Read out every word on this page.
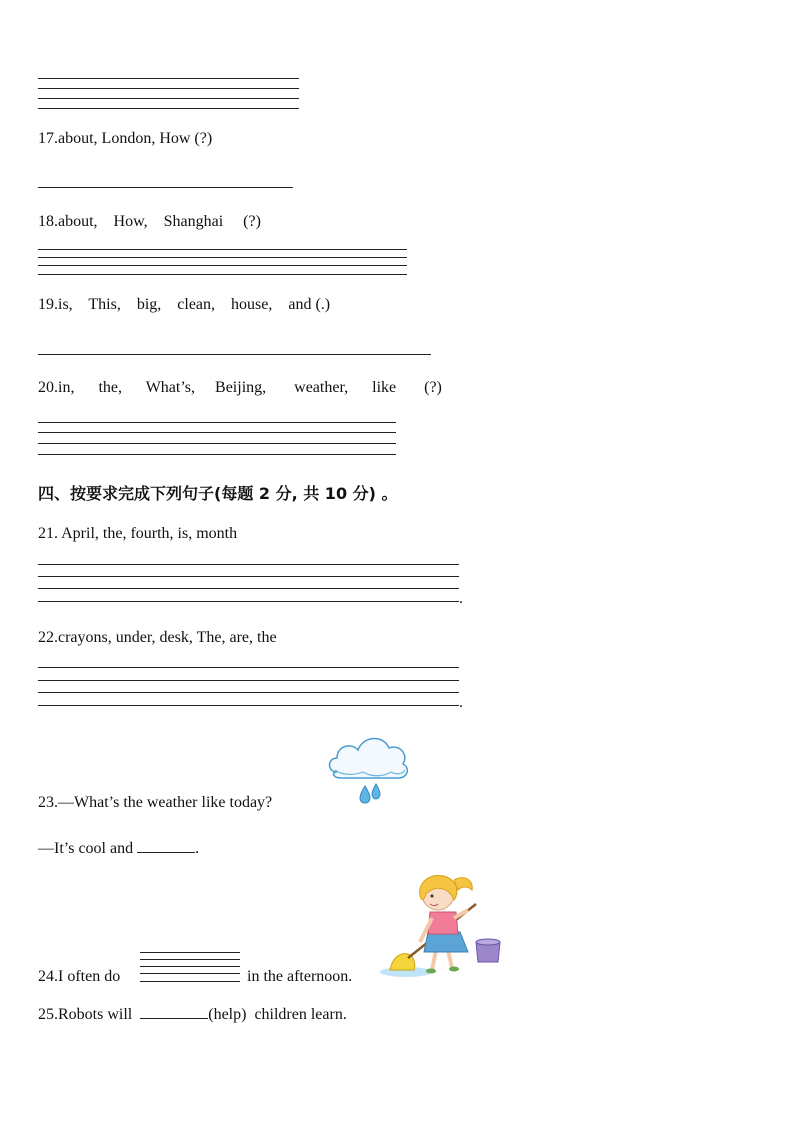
17.about, London, How (?)
18.about,    How,    Shanghai     (?)
19.is,    This,    big,    clean,    house,    and (.)
20.in,      the,      What’s,     Beijing,       weather,      like       (?)
四、按要求完成下列句子(每题 2 分, 共 10 分) 。
21. April, the, fourth, is, month
.
22.crayons, under, desk, The, are, the
.
23.—What’s the weather like today?
—It’s cool and	.
24.I often do	in the afternoon.
25.Robots will	(help)  children learn.
